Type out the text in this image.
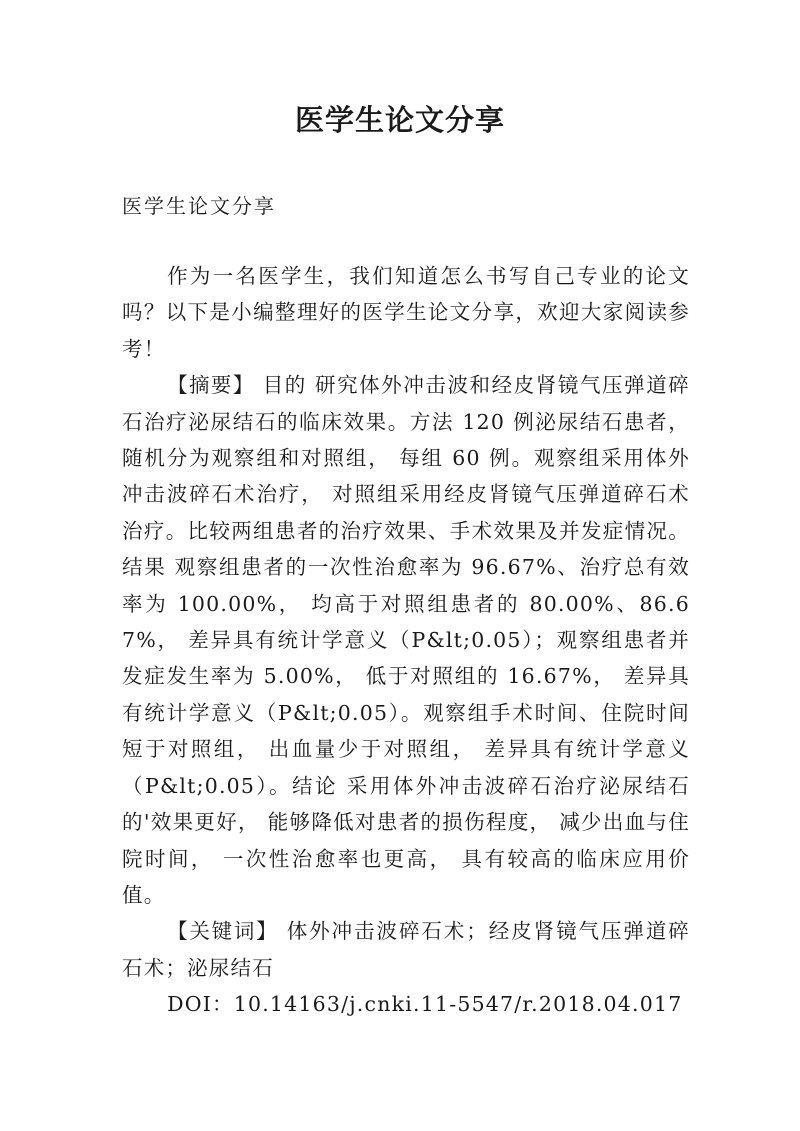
医学生论文分享
医学生论文分享

作为一名医学生，我们知道怎么书写自己专业的论文吗？以下是小编整理好的医学生论文分享，欢迎大家阅读参考！

【摘要】 目的 研究体外冲击波和经皮肾镜气压弹道碎石治疗泌尿结石的临床效果。方法 120 例泌尿结石患者，随机分为观察组和对照组， 每组 60 例。观察组采用体外冲击波碎石术治疗， 对照组采用经皮肾镜气压弹道碎石术治疗。比较两组患者的治疗效果、手术效果及并发症情况。结果 观察组患者的一次性治愈率为 96.67%、治疗总有效率为 100.00%， 均高于对照组患者的 80.00%、86.67%， 差异具有统计学意义（P&lt;0.05）；观察组患者并发症发生率为 5.00%， 低于对照组的 16.67%， 差异具有统计学意义（P&lt;0.05）。观察组手术时间、住院时间短于对照组， 出血量少于对照组， 差异具有统计学意义（P&lt;0.05）。结论 采用体外冲击波碎石治疗泌尿结石的'效果更好， 能够降低对患者的损伤程度， 减少出血与住院时间， 一次性治愈率也更高， 具有较高的临床应用价值。

【关键词】 体外冲击波碎石术；经皮肾镜气压弹道碎石术；泌尿结石

DOI：10.14163/j.cnki.11-5547/r.2018.04.017
